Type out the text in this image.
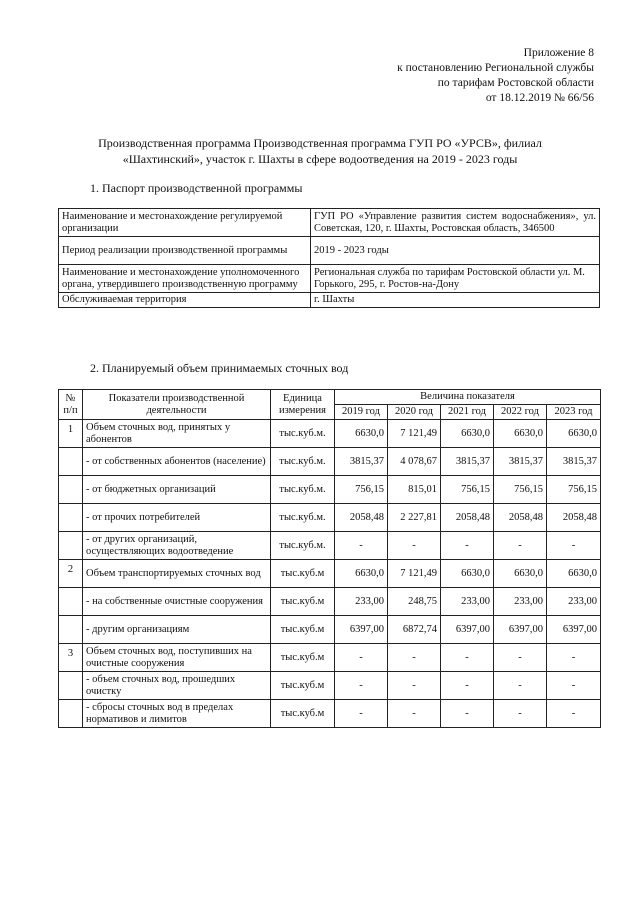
Приложение 8
к постановлению Региональной службы
по тарифам Ростовской области
от 18.12.2019 № 66/56
Производственная программа Производственная программа ГУП РО «УРСВ», филиал
«Шахтинский», участок г. Шахты в сфере водоотведения на 2019 - 2023 годы
1. Паспорт производственной программы
Наименование и местонахождение регулируемой организации	ГУП РО «Управление развития систем водоснабжения», ул. Советская, 120, г. Шахты, Ростовская область, 346500
Период реализации производственной программы	2019 - 2023 годы
Наименование и местонахождение уполномоченного органа, утвердившего производственную программу	Региональная служба по тарифам Ростовской области ул. М. Горького, 295, г. Ростов-на-Дону
Обслуживаемая территория	г. Шахты
2. Планируемый объем принимаемых сточных вод
№ п/п	Показатели производственной деятельности	Единица измерения	Величина показателя				
			2019 год	2020 год	2021 год	2022 год	2023 год
1	Объем сточных вод, принятых у абонентов	тыс.куб.м.	6630,0	7 121,49	6630,0	6630,0	6630,0
	- от собственных абонентов (население)	тыс.куб.м.	3815,37	4 078,67	3815,37	3815,37	3815,37
	- от бюджетных организаций	тыс.куб.м.	756,15	815,01	756,15	756,15	756,15
	- от прочих потребителей	тыс.куб.м.	2058,48	2 227,81	2058,48	2058,48	2058,48
	- от других организаций, осуществляющих водоотведение	тыс.куб.м.	-	-	-	-	-
2	Объем транспортируемых сточных вод	тыс.куб.м	6630,0	7 121,49	6630,0	6630,0	6630,0
	- на собственные очистные сооружения	тыс.куб.м	233,00	248,75	233,00	233,00	233,00
	- другим организациям	тыс.куб.м	6397,00	6872,74	6397,00	6397,00	6397,00
3	Объем сточных вод, поступивших на очистные сооружения	тыс.куб.м	-	-	-	-	-
	- объем сточных вод, прошедших очистку	тыс.куб.м	-	-	-	-	-
	- сбросы сточных вод в пределах нормативов и лимитов	тыс.куб.м	-	-	-	-	-
